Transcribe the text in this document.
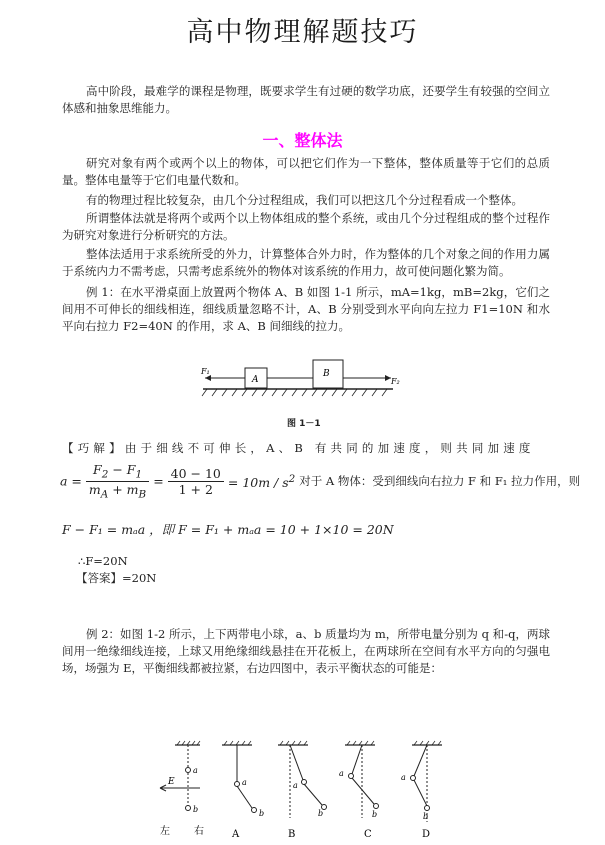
高中物理解题技巧
高中阶段，最难学的课程是物理，既要求学生有过硬的数学功底，还要学生有较强的空间立体感和抽象思维能力。
一、整体法
研究对象有两个或两个以上的物体，可以把它们作为一下整体，整体质量等于它们的总质量。整体电量等于它们电量代数和。
有的物理过程比较复杂，由几个分过程组成，我们可以把这几个分过程看成一个整体。
所谓整体法就是将两个或两个以上物体组成的整个系统，或由几个分过程组成的整个过程作为研究对象进行分析研究的方法。
整体法适用于求系统所受的外力，计算整体合外力时，作为整体的几个对象之间的作用力属于系统内力不需考虑，只需考虑系统外的物体对该系统的作用力，故可使问题化繁为简。
例 1：在水平滑桌面上放置两个物体 A、B 如图 1-1 所示，mA=1kg，mB=2kg，它们之间用不可伸长的细线相连，细线质量忽略不计，A、B 分别受到水平向向左拉力 F1=10N 和水平向右拉力 F2=40N 的作用，求 A、B 间细线的拉力。
F₁
A
B
F₂
图 1－1
【巧解】由于细线不可伸长，A、B 有共同的加速度，则共同加速度
$a = \frac{F_2 - F_1}{m_A + m_B} = \frac{40 - 10}{1 + 2} = 10m / s^2$ 对于 A 物体：受到细线向右拉力 F 和 F₁ 拉力作用，则
F − F₁ = mₐa ，即 F = F₁ + mₐa = 10 + 1×10 = 20N
∴F=20N
【答案】=20N
例 2：如图 1-2 所示，上下两带电小球，a、b 质量均为 m，所带电量分别为 q 和-q，两球间用一绝缘细线连接，上球又用绝缘细线悬挂在开花板上，在两球所在空间有水平方向的匀强电场，场强为 E，平衡细线都被拉紧，右边四图中，表示平衡状态的可能是：
E
a
b
左 右
a
b
A
a
b
B
a
b
C
a
b
D
